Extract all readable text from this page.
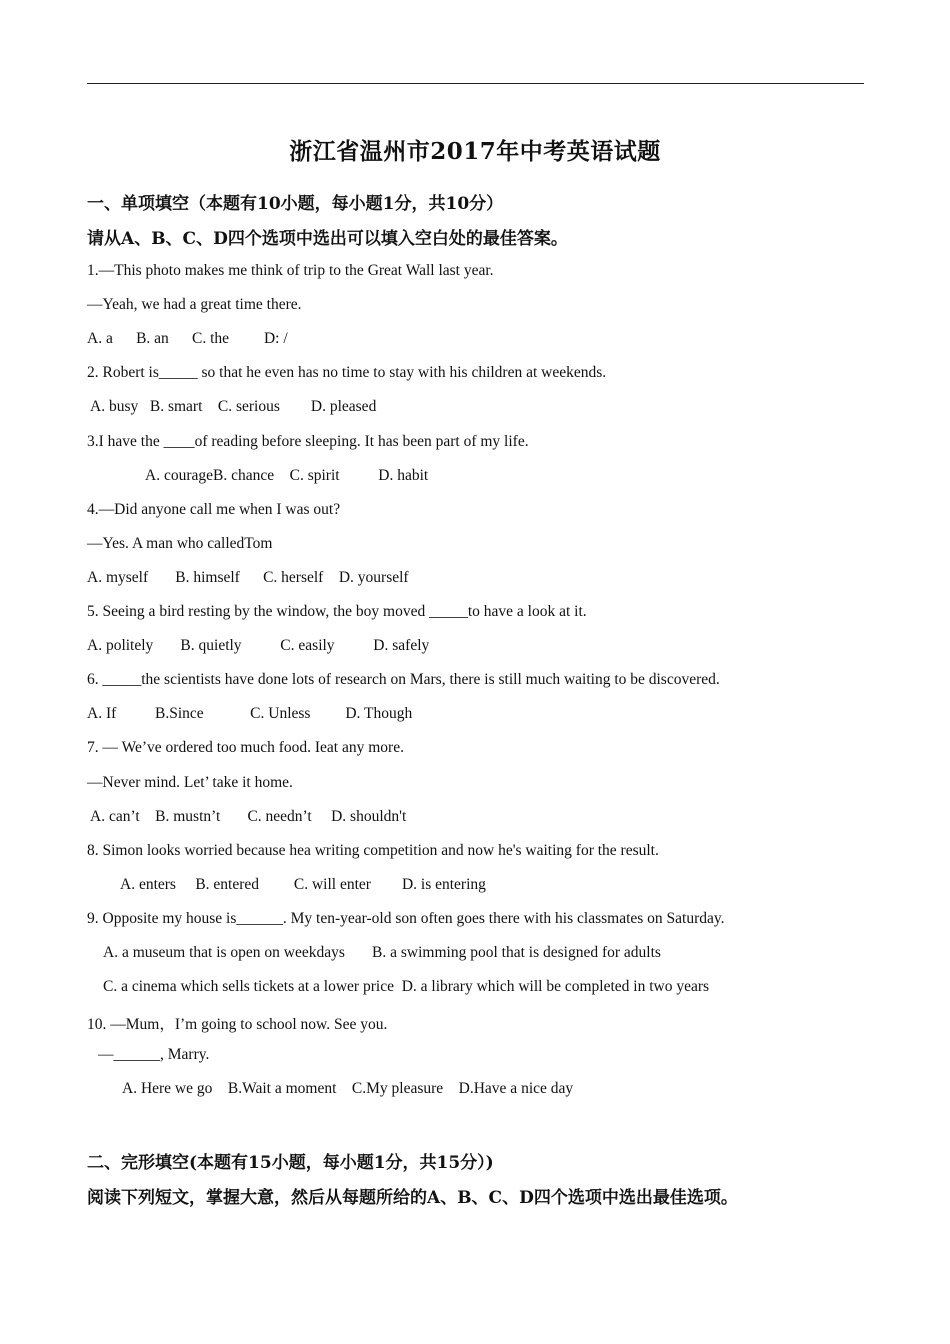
浙江省温州市2017年中考英语试题
一、单项填空（本题有10小题，每小题1分，共10分）
请从A、B、C、D四个选项中选出可以填入空白处的最佳答案。
1.—This photo makes me think of trip to the Great Wall last year.
—Yeah, we had a great time there.
A. a      B. an      C. the         D: /
2. Robert is_____ so that he even has no time to stay with his children at weekends.
A. busy   B. smart    C. serious        D. pleased
3.I have the ____of reading before sleeping. It has been part of my life.
A. courageB. chance    C. spirit          D. habit
4.—Did anyone call me when I was out?
—Yes. A man who calledTom
A. myself       B. himself      C. herself    D. yourself
5. Seeing a bird resting by the window, the boy moved _____to have a look at it.
A. politely       B. quietly          C. easily          D. safely
6. _____the scientists have done lots of research on Mars, there is still much waiting to be discovered.
A. If          B.Since            C. Unless         D. Though
7. — We’ve ordered too much food. Ieat any more.
—Never mind. Let’ take it home.
A. can’t    B. mustn’t       C. needn’t     D. shouldn't
8. Simon looks worried because hea writing competition and now he's waiting for the result.
A. enters     B. entered         C. will enter        D. is entering
9. Opposite my house is______. My ten-year-old son often goes there with his classmates on Saturday.
A. a museum that is open on weekdays       B. a swimming pool that is designed for adults
C. a cinema which sells tickets at a lower price  D. a library which will be completed in two years
10. —Mum，I’m going to school now. See you.
—______, Marry.
A. Here we go    B.Wait a moment    C.My pleasure    D.Have a nice day
二、完形填空(本题有15小题，每小题1分，共15分）)
阅读下列短文，掌握大意，然后从每题所给的A、B、C、D四个选项中选出最佳选项。
